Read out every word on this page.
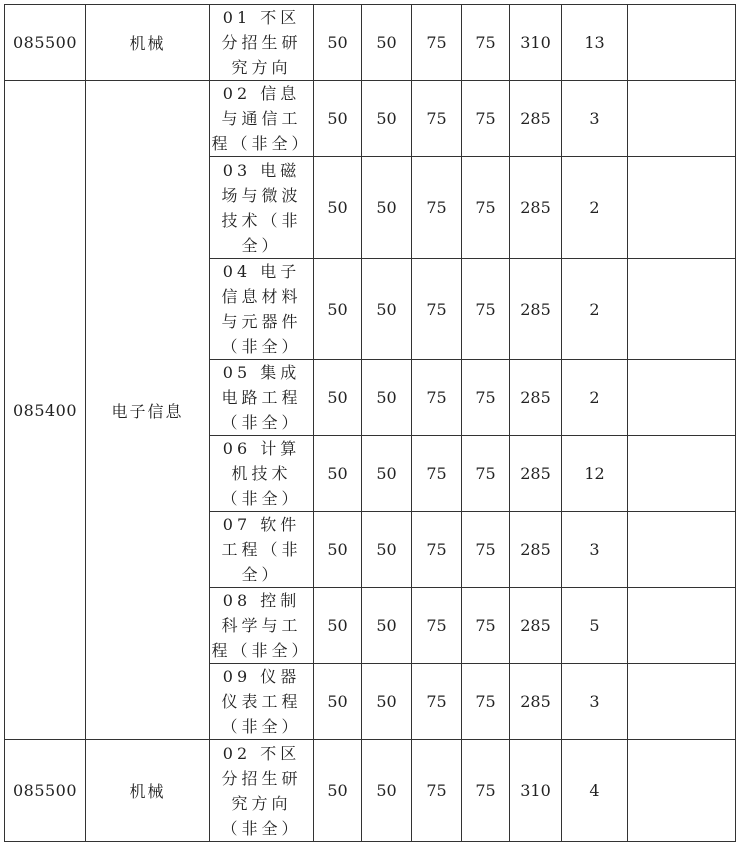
085500	机械	01 不区
分招生研
究方向	50	50	75	75	310	13	
085400	电子信息	02 信息
与通信工
程（非全）	50	50	75	75	285	3	

		03 电磁
场与微波
技术（非
全）	50	50	75	75	285	2	

		04 电子
信息材料
与元器件
（非全）	50	50	75	75	285	2	

		05 集成
电路工程
（非全）	50	50	75	75	285	2	

		06 计算
机技术
（非全）	50	50	75	75	285	12	

		07 软件
工程（非
全）	50	50	75	75	285	3	

		08 控制
科学与工
程（非全）	50	50	75	75	285	5	

		09 仪器
仪表工程
（非全）	50	50	75	75	285	3	
085500	机械	02 不区
分招生研
究方向
（非全）	50	50	75	75	310	4	
